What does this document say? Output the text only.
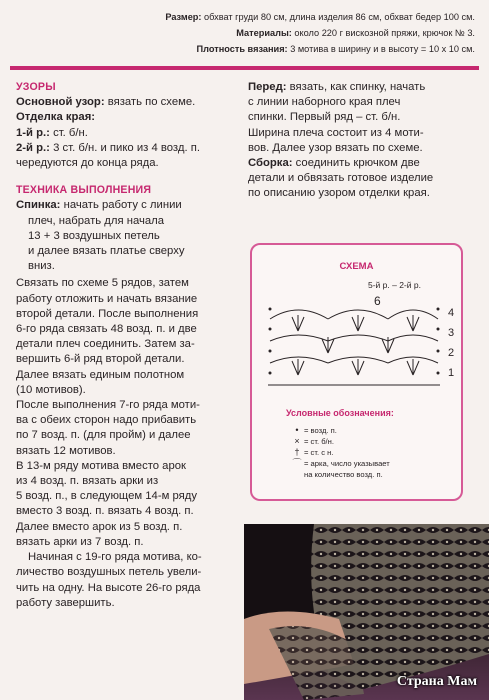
Размер: обхват груди 80 см, длина изделия 86 см, обхват бедер 100 см.
Материалы: около 220 г вискозной пряжи, крючок № 3.
Плотность вязания: 3 мотива в ширину и в высоту = 10 x 10 см.
УЗОРЫ
Основной узор: вязать по схеме.
Отделка края:
1-й р.: ст. б/н.
2-й р.: 3 ст. б/н. и пико из 4 возд. п.
чередуются до конца ряда.
ТЕХНИКА ВЫПОЛНЕНИЯ
Спинка: начать работу с линии
плеч, набрать для начала
13 + 3 воздушных петель
и далее вязать платье сверху
вниз.
Связать по схеме 5 рядов, затем
работу отложить и начать вязание
второй детали. После выполнения
6-го ряда связать 48 возд. п. и две
детали плеч соединить. Затем за-
вершить 6-й ряд второй детали.
Далее вязать единым полотном
(10 мотивов).
После выполнения 7-го ряда моти-
ва с обеих сторон надо прибавить
по 7 возд. п. (для пройм) и далее
вязать 12 мотивов.
В 13-м ряду мотива вместо арок
из 4 возд. п. вязать арки из
5 возд. п., в следующем 14-м ряду
вместо 3 возд. п. вязать 4 возд. п.
Далее вместо арок из 5 возд. п.
вязать арки из 7 возд. п.
Начиная с 19-го ряда мотива, ко-
личество воздушных петель увели-
чить на одну. На высоте 26-го ряда
работу завершить.
Перед: вязать, как спинку, начать
с линии наборного края плеч
спинки. Первый ряд – ст. б/н.
Ширина плеча состоит из 4 моти-
вов. Далее узор вязать по схеме.
Сборка: соединить крючком две
детали и обвязать готовое изделие
по описанию узором отделки края.
СХЕМА
5-й р. – 2-й р.
6
4
3
2
1
Условные обозначения:
• = возд. п.
× = ст. б/н.
† = ст. с н.
⌒ = арка, число указывает
на количество возд. п.
Страна Мам
